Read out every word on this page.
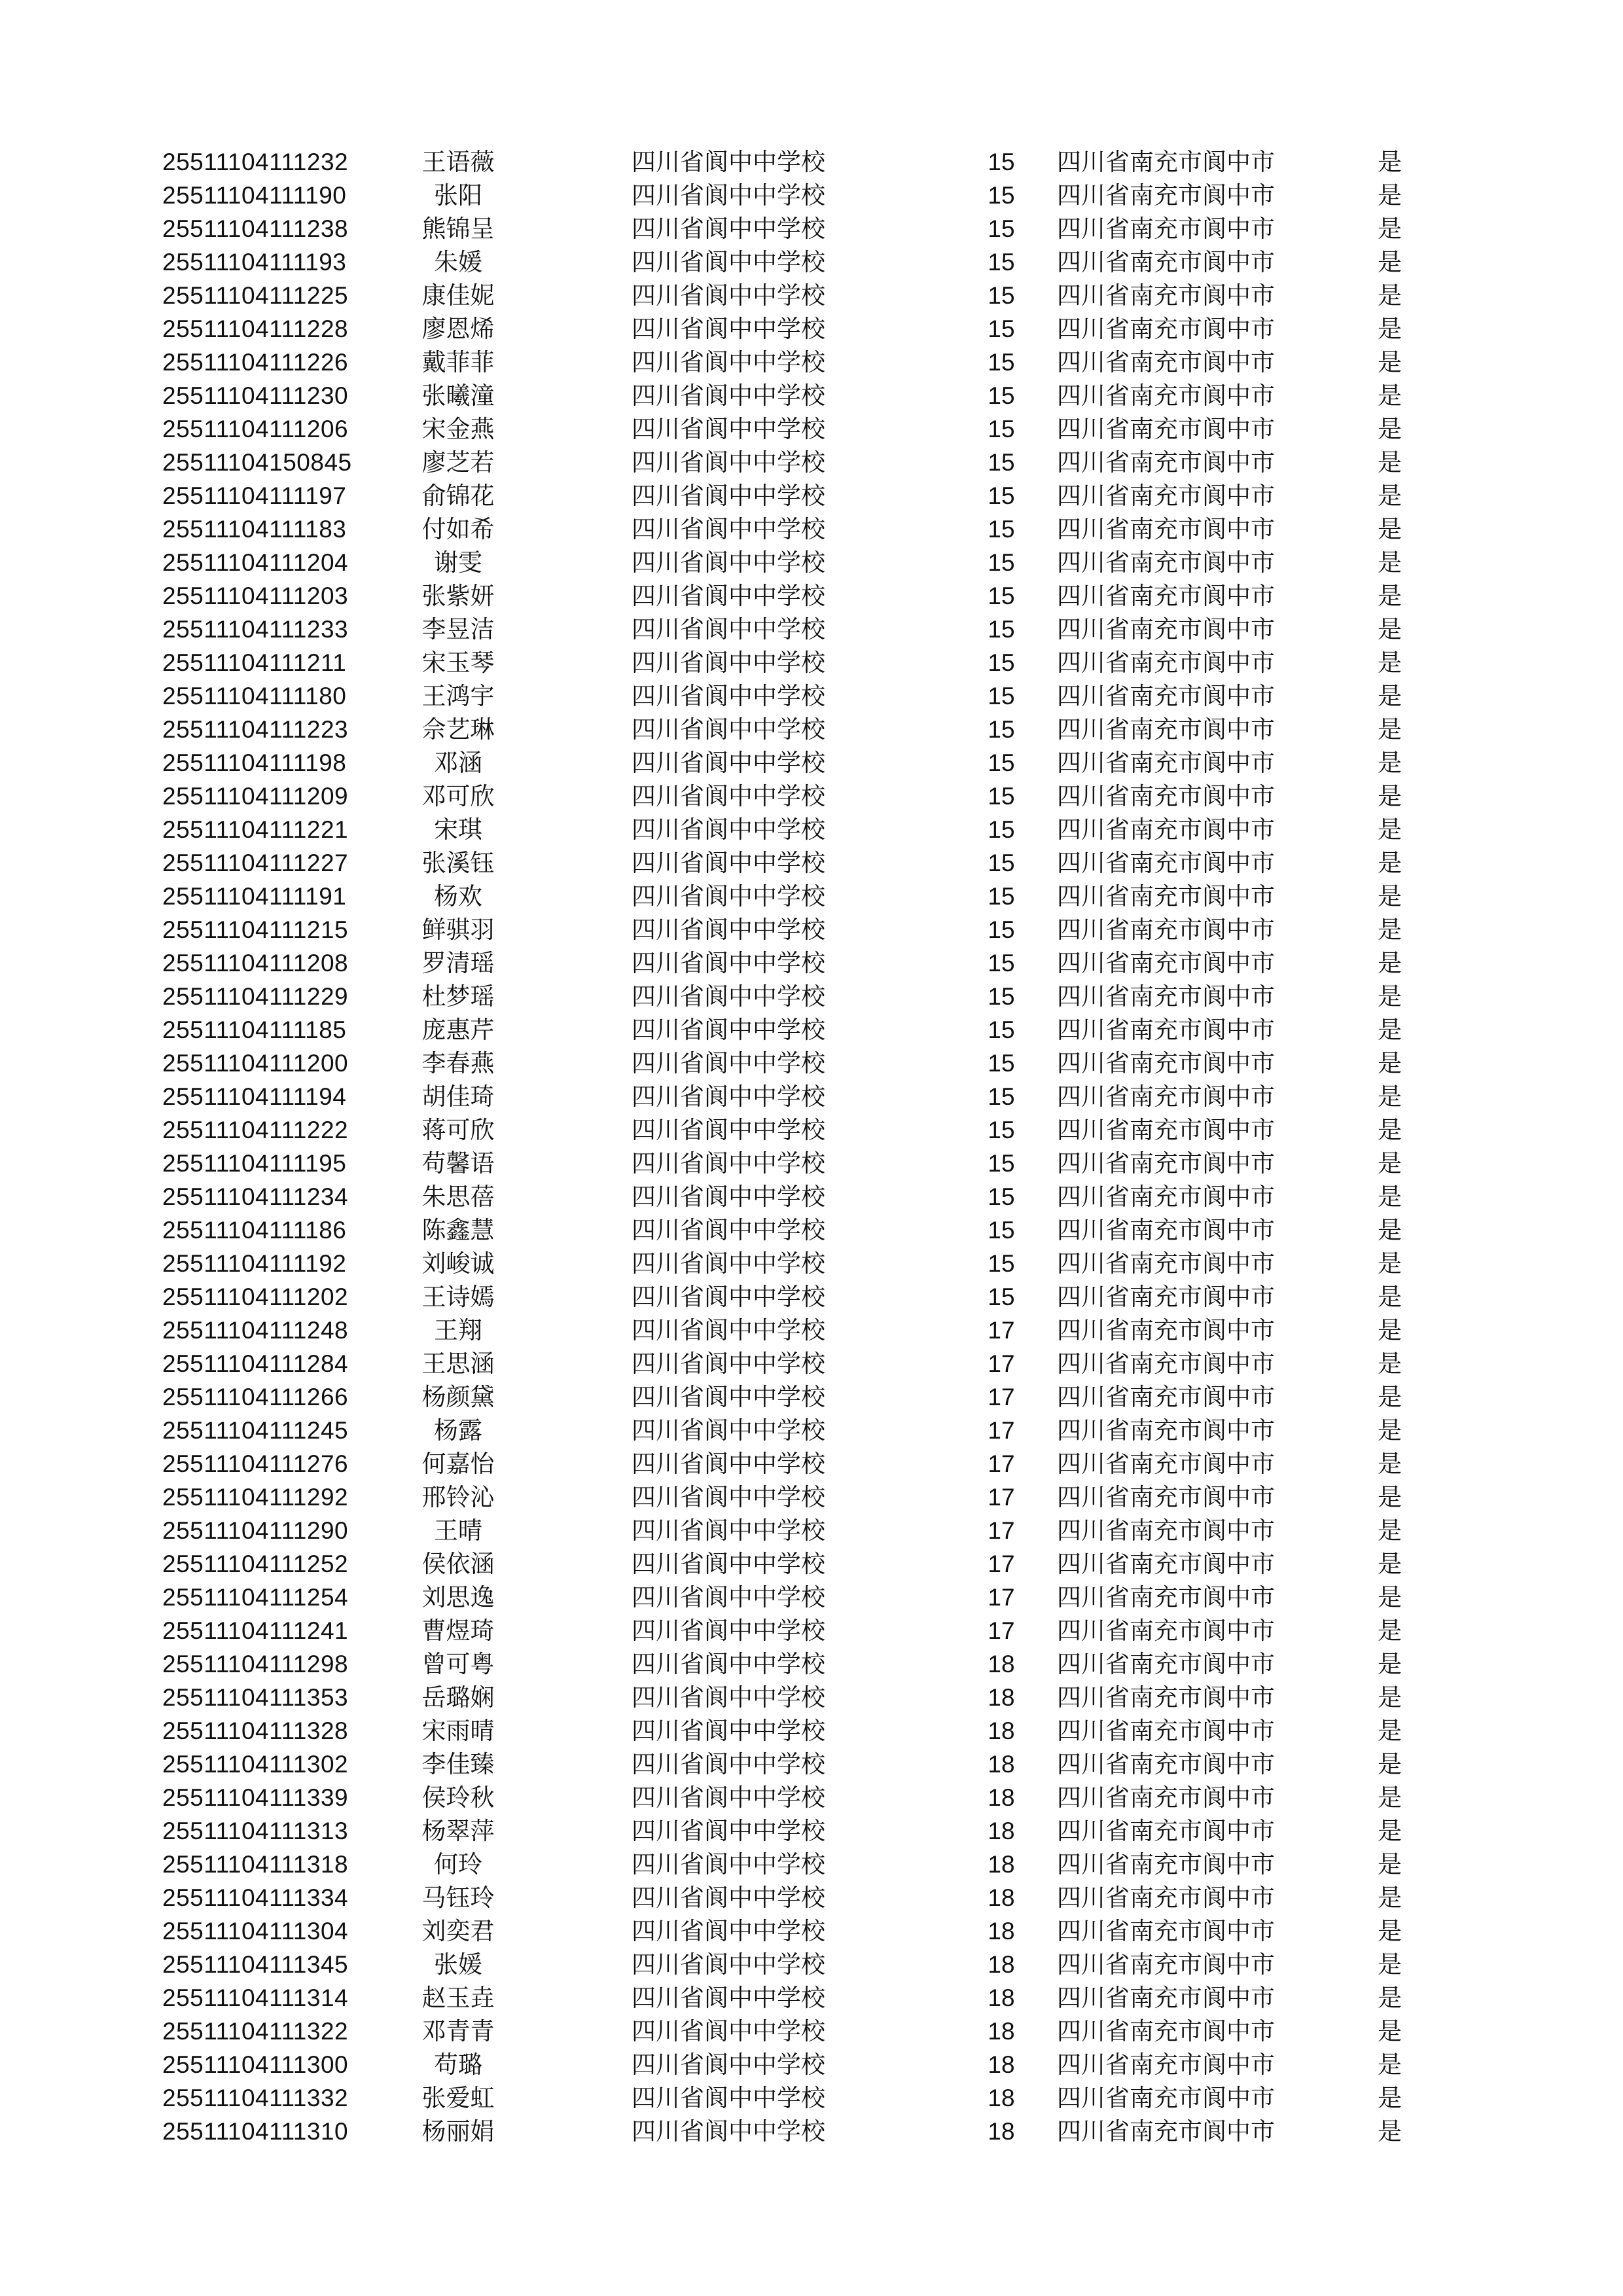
25511104111232	王语薇	四川省阆中中学校	15	四川省南充市阆中市	是
25511104111190	张阳	四川省阆中中学校	15	四川省南充市阆中市	是
25511104111238	熊锦呈	四川省阆中中学校	15	四川省南充市阆中市	是
25511104111193	朱媛	四川省阆中中学校	15	四川省南充市阆中市	是
25511104111225	康佳妮	四川省阆中中学校	15	四川省南充市阆中市	是
25511104111228	廖恩烯	四川省阆中中学校	15	四川省南充市阆中市	是
25511104111226	戴菲菲	四川省阆中中学校	15	四川省南充市阆中市	是
25511104111230	张曦潼	四川省阆中中学校	15	四川省南充市阆中市	是
25511104111206	宋金燕	四川省阆中中学校	15	四川省南充市阆中市	是
25511104150845	廖芝若	四川省阆中中学校	15	四川省南充市阆中市	是
25511104111197	俞锦花	四川省阆中中学校	15	四川省南充市阆中市	是
25511104111183	付如希	四川省阆中中学校	15	四川省南充市阆中市	是
25511104111204	谢雯	四川省阆中中学校	15	四川省南充市阆中市	是
25511104111203	张紫妍	四川省阆中中学校	15	四川省南充市阆中市	是
25511104111233	李昱洁	四川省阆中中学校	15	四川省南充市阆中市	是
25511104111211	宋玉琴	四川省阆中中学校	15	四川省南充市阆中市	是
25511104111180	王鸿宇	四川省阆中中学校	15	四川省南充市阆中市	是
25511104111223	佘艺琳	四川省阆中中学校	15	四川省南充市阆中市	是
25511104111198	邓涵	四川省阆中中学校	15	四川省南充市阆中市	是
25511104111209	邓可欣	四川省阆中中学校	15	四川省南充市阆中市	是
25511104111221	宋琪	四川省阆中中学校	15	四川省南充市阆中市	是
25511104111227	张溪钰	四川省阆中中学校	15	四川省南充市阆中市	是
25511104111191	杨欢	四川省阆中中学校	15	四川省南充市阆中市	是
25511104111215	鲜骐羽	四川省阆中中学校	15	四川省南充市阆中市	是
25511104111208	罗清瑶	四川省阆中中学校	15	四川省南充市阆中市	是
25511104111229	杜梦瑶	四川省阆中中学校	15	四川省南充市阆中市	是
25511104111185	庞惠芹	四川省阆中中学校	15	四川省南充市阆中市	是
25511104111200	李春燕	四川省阆中中学校	15	四川省南充市阆中市	是
25511104111194	胡佳琦	四川省阆中中学校	15	四川省南充市阆中市	是
25511104111222	蒋可欣	四川省阆中中学校	15	四川省南充市阆中市	是
25511104111195	苟馨语	四川省阆中中学校	15	四川省南充市阆中市	是
25511104111234	朱思蓓	四川省阆中中学校	15	四川省南充市阆中市	是
25511104111186	陈鑫慧	四川省阆中中学校	15	四川省南充市阆中市	是
25511104111192	刘峻诚	四川省阆中中学校	15	四川省南充市阆中市	是
25511104111202	王诗嫣	四川省阆中中学校	15	四川省南充市阆中市	是
25511104111248	王翔	四川省阆中中学校	17	四川省南充市阆中市	是
25511104111284	王思涵	四川省阆中中学校	17	四川省南充市阆中市	是
25511104111266	杨颜黛	四川省阆中中学校	17	四川省南充市阆中市	是
25511104111245	杨露	四川省阆中中学校	17	四川省南充市阆中市	是
25511104111276	何嘉怡	四川省阆中中学校	17	四川省南充市阆中市	是
25511104111292	邢铃沁	四川省阆中中学校	17	四川省南充市阆中市	是
25511104111290	王晴	四川省阆中中学校	17	四川省南充市阆中市	是
25511104111252	侯依涵	四川省阆中中学校	17	四川省南充市阆中市	是
25511104111254	刘思逸	四川省阆中中学校	17	四川省南充市阆中市	是
25511104111241	曹煜琦	四川省阆中中学校	17	四川省南充市阆中市	是
25511104111298	曾可粤	四川省阆中中学校	18	四川省南充市阆中市	是
25511104111353	岳璐娴	四川省阆中中学校	18	四川省南充市阆中市	是
25511104111328	宋雨晴	四川省阆中中学校	18	四川省南充市阆中市	是
25511104111302	李佳臻	四川省阆中中学校	18	四川省南充市阆中市	是
25511104111339	侯玲秋	四川省阆中中学校	18	四川省南充市阆中市	是
25511104111313	杨翠萍	四川省阆中中学校	18	四川省南充市阆中市	是
25511104111318	何玲	四川省阆中中学校	18	四川省南充市阆中市	是
25511104111334	马钰玲	四川省阆中中学校	18	四川省南充市阆中市	是
25511104111304	刘奕君	四川省阆中中学校	18	四川省南充市阆中市	是
25511104111345	张媛	四川省阆中中学校	18	四川省南充市阆中市	是
25511104111314	赵玉垚	四川省阆中中学校	18	四川省南充市阆中市	是
25511104111322	邓青青	四川省阆中中学校	18	四川省南充市阆中市	是
25511104111300	苟璐	四川省阆中中学校	18	四川省南充市阆中市	是
25511104111332	张爱虹	四川省阆中中学校	18	四川省南充市阆中市	是
25511104111310	杨丽娟	四川省阆中中学校	18	四川省南充市阆中市	是
